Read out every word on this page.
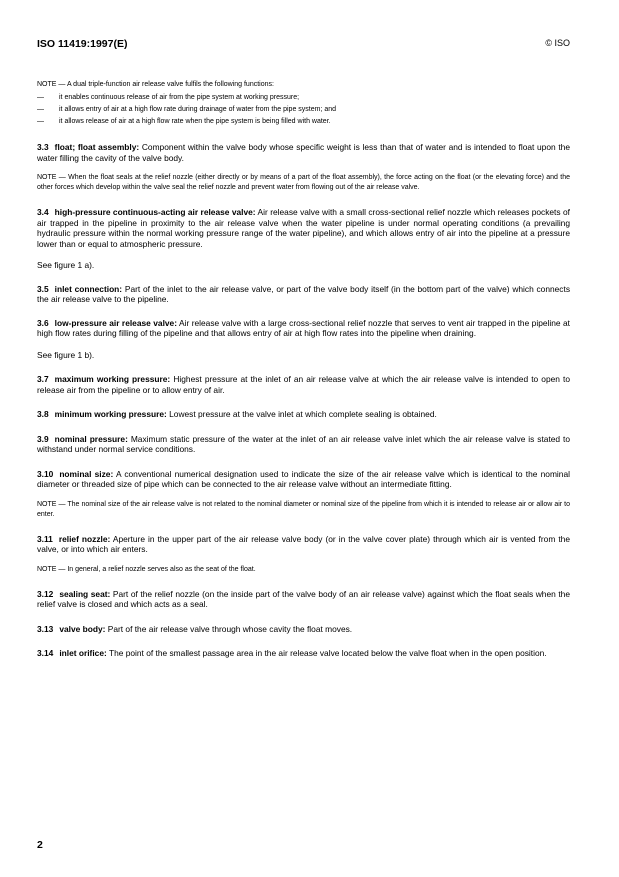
ISO 11419:1997(E)	© ISO

NOTE — A dual triple-function air release valve fulfils the following functions:

— it enables continuous release of air from the pipe system at working pressure;
— it allows entry of air at a high flow rate during drainage of water from the pipe system; and
— it allows release of air at a high flow rate when the pipe system is being filled with water.

3.3 float; float assembly: Component within the valve body whose specific weight is less than that of water and is intended to float upon the water filling the cavity of the valve body.

NOTE — When the float seals at the relief nozzle (either directly or by means of a part of the float assembly), the force acting on the float (or the elevating force) and the other forces which develop within the valve seal the relief nozzle and prevent water from flowing out of the air release valve.

3.4 high-pressure continuous-acting air release valve: Air release valve with a small cross-sectional relief nozzle which releases pockets of air trapped in the pipeline in proximity to the air release valve when the water pipeline is under normal operating conditions (a prevailing hydraulic pressure within the normal working pressure range of the water pipeline), and which allows entry of air into the pipeline at a pressure lower than or equal to atmospheric pressure.

See figure 1 a).

3.5 inlet connection: Part of the inlet to the air release valve, or part of the valve body itself (in the bottom part of the valve) which connects the air release valve to the pipeline.

3.6 low-pressure air release valve: Air release valve with a large cross-sectional relief nozzle that serves to vent air trapped in the pipeline at high flow rates during filling of the pipeline and that allows entry of air at high flow rates into the pipeline when draining.

See figure 1 b).

3.7 maximum working pressure: Highest pressure at the inlet of an air release valve at which the air release valve is intended to open to release air from the pipeline or to allow entry of air.

3.8 minimum working pressure: Lowest pressure at the valve inlet at which complete sealing is obtained.

3.9 nominal pressure: Maximum static pressure of the water at the inlet of an air release valve inlet which the air release valve is stated to withstand under normal service conditions.

3.10 nominal size: A conventional numerical designation used to indicate the size of the air release valve which is identical to the nominal diameter or threaded size of pipe which can be connected to the air release valve without an intermediate fitting.

NOTE — The nominal size of the air release valve is not related to the nominal diameter or nominal size of the pipeline from which it is intended to release air or allow air to enter.

3.11 relief nozzle: Aperture in the upper part of the air release valve body (or in the valve cover plate) through which air is vented from the valve, or into which air enters.

NOTE — In general, a relief nozzle serves also as the seat of the float.

3.12 sealing seat: Part of the relief nozzle (on the inside part of the valve body of an air release valve) against which the float seals when the relief valve is closed and which acts as a seal.

3.13 valve body: Part of the air release valve through whose cavity the float moves.

3.14 inlet orifice: The point of the smallest passage area in the air release valve located below the valve float when in the open position.

2
